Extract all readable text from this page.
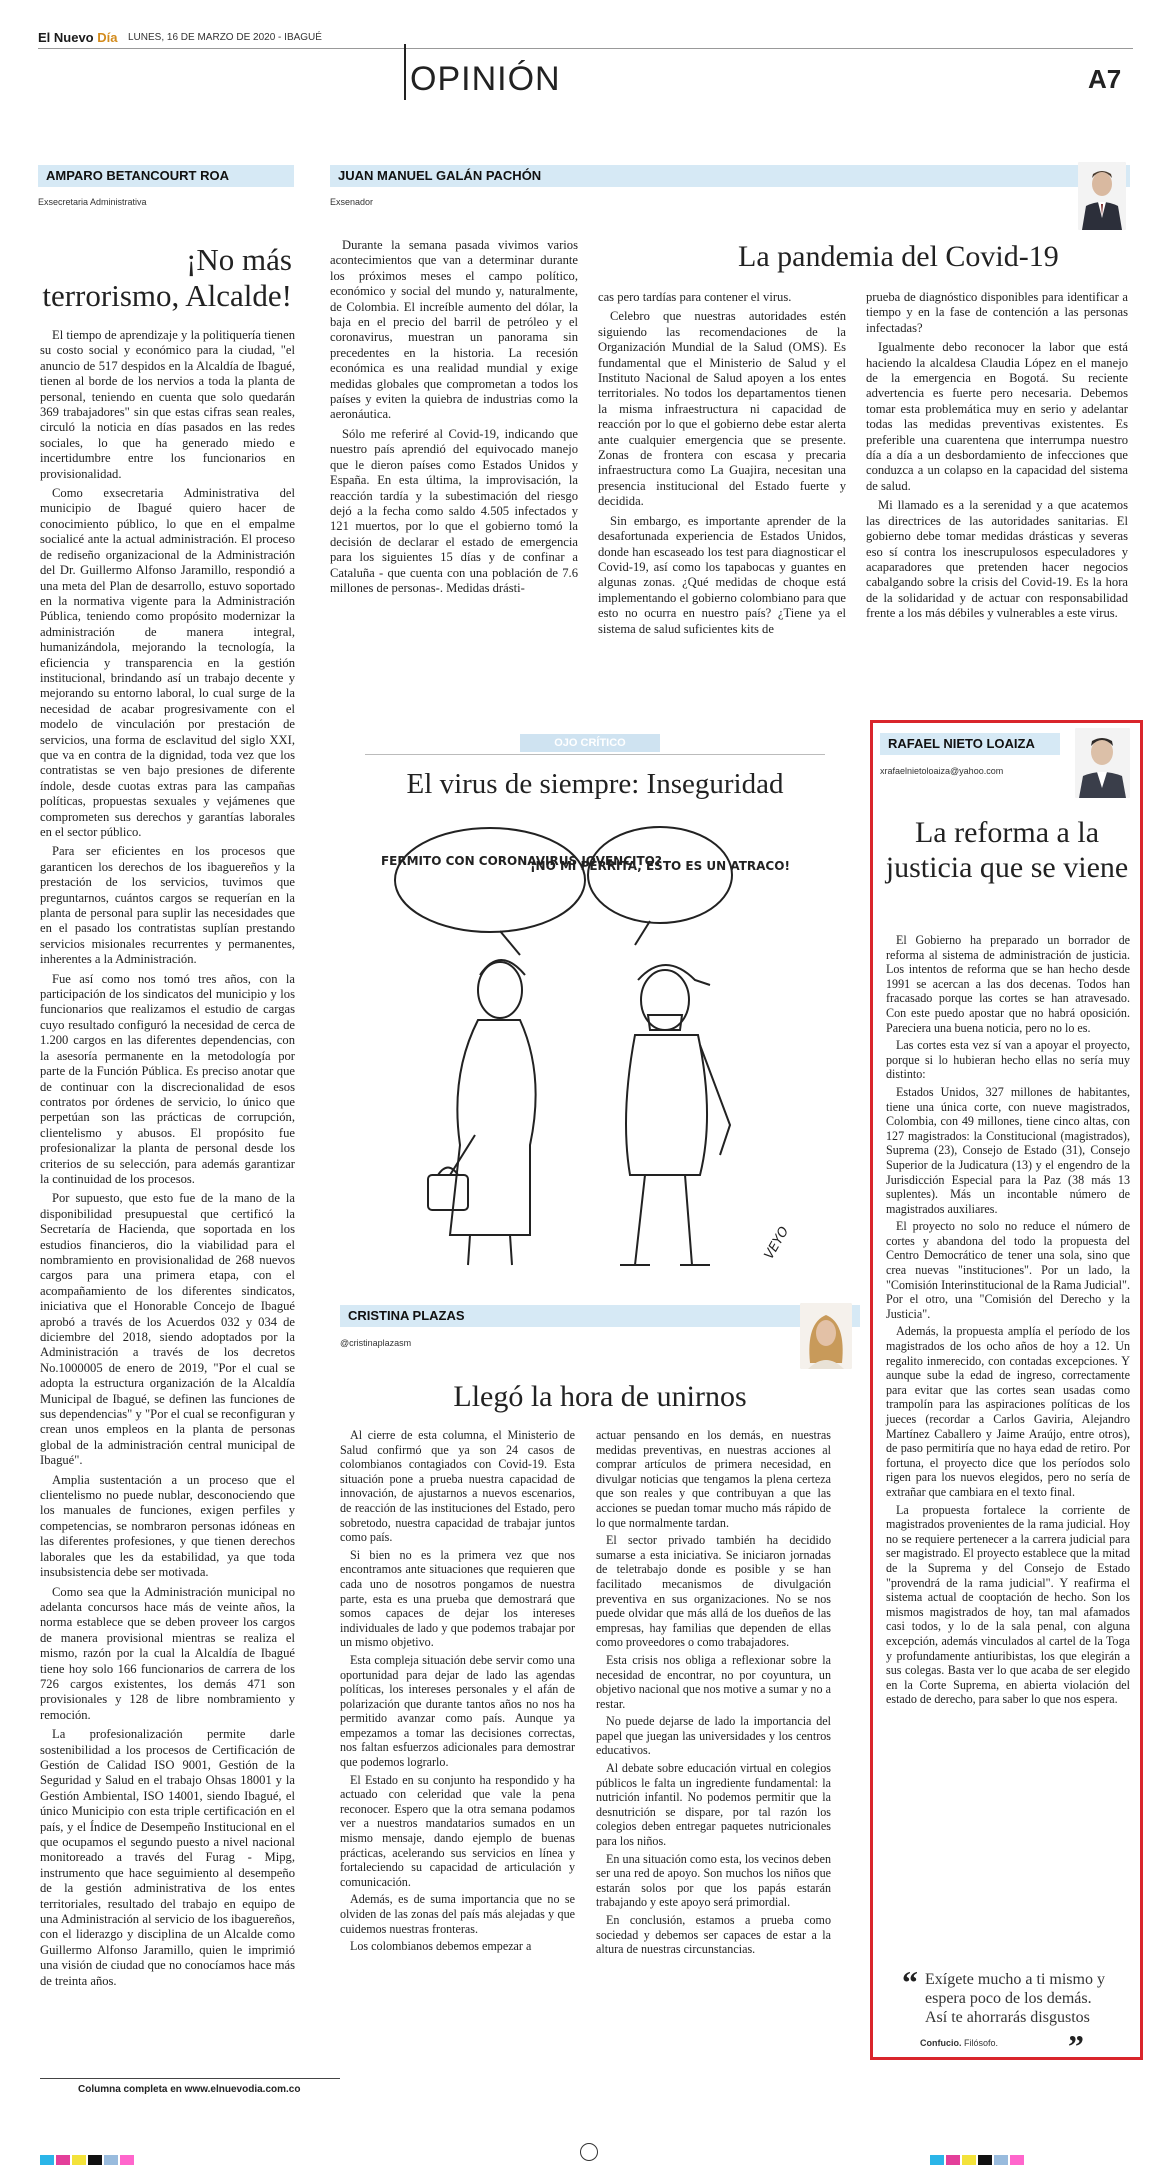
El Nuevo Día LUNES, 16 DE MARZO DE 2020 - IBAGUÉ
OPINIÓN	A7
AMPARO BETANCOURT ROA
Exsecretaria Administrativa
¡No más terrorismo, Alcalde!

El tiempo de aprendizaje y la politiquería tienen su costo social y económico para la ciudad, "el anuncio de 517 despidos en la Alcaldía de Ibagué, tienen al borde de los nervios a toda la planta de personal, teniendo en cuenta que solo quedarán 369 trabajadores" sin que estas cifras sean reales, circuló la noticia en días pasados en las redes sociales, lo que ha generado miedo e incertidumbre entre los funcionarios en provisionalidad.

Como exsecretaria Administrativa del municipio de Ibagué quiero hacer de conocimiento público, lo que en el empalme socialicé ante la actual administración. El proceso de rediseño organizacional de la Administración del Dr. Guillermo Alfonso Jaramillo, respondió a una meta del Plan de desarrollo, estuvo soportado en la normativa vigente para la Administración Pública, teniendo como propósito modernizar la administración de manera integral, humanizándola, mejorando la tecnología, la eficiencia y transparencia en la gestión institucional, brindando así un trabajo decente y mejorando su entorno laboral, lo cual surge de la necesidad de acabar progresivamente con el modelo de vinculación por prestación de servicios, una forma de esclavitud del siglo XXI, que va en contra de la dignidad, toda vez que los contratistas se ven bajo presiones de diferente índole, desde cuotas extras para las campañas políticas, propuestas sexuales y vejámenes que comprometen sus derechos y garantías laborales en el sector público.

Para ser eficientes en los procesos que garanticen los derechos de los ibaguereños y la prestación de los servicios, tuvimos que preguntarnos, cuántos cargos se requerían en la planta de personal para suplir las necesidades que en el pasado los contratistas suplían prestando servicios misionales recurrentes y permanentes, inherentes a la Administración.

Fue así como nos tomó tres años, con la participación de los sindicatos del municipio y los funcionarios que realizamos el estudio de cargas cuyo resultado configuró la necesidad de cerca de 1.200 cargos en las diferentes dependencias, con la asesoría permanente en la metodología por parte de la Función Pública. Es preciso anotar que de continuar con la discrecionalidad de esos contratos por órdenes de servicio, lo único que perpetúan son las prácticas de corrupción, clientelismo y abusos. El propósito fue profesionalizar la planta de personal desde los criterios de su selección, para además garantizar la continuidad de los procesos.

Por supuesto, que esto fue de la mano de la disponibilidad presupuestal que certificó la Secretaría de Hacienda, que soportada en los estudios financieros, dio la viabilidad para el nombramiento en provisionalidad de 268 nuevos cargos para una primera etapa, con el acompañamiento de los diferentes sindicatos, iniciativa que el Honorable Concejo de Ibagué aprobó a través de los Acuerdos 032 y 034 de diciembre del 2018, siendo adoptados por la Administración a través de los decretos No.1000005 de enero de 2019, "Por el cual se adopta la estructura organización de la Alcaldía Municipal de Ibagué, se definen las funciones de sus dependencias" y "Por el cual se reconfiguran y crean unos empleos en la planta de personas global de la administración central municipal de Ibagué".

Amplia sustentación a un proceso que el clientelismo no puede nublar, desconociendo que los manuales de funciones, exigen perfiles y competencias, se nombraron personas idóneas en las diferentes profesiones, y que tienen derechos laborales que les da estabilidad, ya que toda insubsistencia debe ser motivada.

Como sea que la Administración municipal no adelanta concursos hace más de veinte años, la norma establece que se deben proveer los cargos de manera provisional mientras se realiza el mismo, razón por la cual la Alcaldía de Ibagué tiene hoy solo 166 funcionarios de carrera de los 726 cargos existentes, los demás 471 son provisionales y 128 de libre nombramiento y remoción.

La profesionalización permite darle sostenibilidad a los procesos de Certificación de Gestión de Calidad ISO 9001, Gestión de la Seguridad y Salud en el trabajo Ohsas 18001 y la Gestión Ambiental, ISO 14001, siendo Ibagué, el único Municipio con esta triple certificación en el país, y el Índice de Desempeño Institucional en el que ocupamos el segundo puesto a nivel nacional monitoreado a través del Furag - Mipg, instrumento que hace seguimiento al desempeño de la gestión administrativa de los entes territoriales, resultado del trabajo en equipo de una Administración al servicio de los ibaguereños, con el liderazgo y disciplina de un Alcalde como Guillermo Alfonso Jaramillo, quien le imprimió una visión de ciudad que no conocíamos hace más de treinta años.

Columna completa en www.elnuevodia.com.co
JUAN MANUEL GALÁN PACHÓN
Exsenador
La pandemia del Covid-19

Durante la semana pasada vivimos varios acontecimientos que van a determinar durante los próximos meses el campo político, económico y social del mundo y, naturalmente, de Colombia. El increíble aumento del dólar, la baja en el precio del barril de petróleo y el coronavirus, muestran un panorama sin precedentes en la historia. La recesión económica es una realidad mundial y exige medidas globales que comprometan a todos los países y eviten la quiebra de industrias como la aeronáutica.

Sólo me referiré al Covid-19, indicando que nuestro país aprendió del equivocado manejo que le dieron países como Estados Unidos y España. En esta última, la improvisación, la reacción tardía y la subestimación del riesgo dejó a la fecha como saldo 4.505 infectados y 121 muertos, por lo que el gobierno tomó la decisión de declarar el estado de emergencia para los siguientes 15 días y de confinar a Cataluña - que cuenta con una población de 7.6 millones de personas-. Medidas drásti-

cas pero tardías para contener el virus.

Celebro que nuestras autoridades estén siguiendo las recomendaciones de la Organización Mundial de la Salud (OMS). Es fundamental que el Ministerio de Salud y el Instituto Nacional de Salud apoyen a los entes territoriales. No todos los departamentos tienen la misma infraestructura ni capacidad de reacción por lo que el gobierno debe estar alerta ante cualquier emergencia que se presente. Zonas de frontera con escasa y precaria infraestructura como La Guajira, necesitan una presencia institucional del Estado fuerte y decidida.

Sin embargo, es importante aprender de la desafortunada experiencia de Estados Unidos, donde han escaseado los test para diagnosticar el Covid-19, así como los tapabocas y guantes en algunas zonas. ¿Qué medidas de choque está implementando el gobierno colombiano para que esto no ocurra en nuestro país? ¿Tiene ya el sistema de salud suficientes kits de

prueba de diagnóstico disponibles para identificar a tiempo y en la fase de contención a las personas infectadas?

Igualmente debo reconocer la labor que está haciendo la alcaldesa Claudia López en el manejo de la emergencia en Bogotá. Su reciente advertencia es fuerte pero necesaria. Debemos tomar esta problemática muy en serio y adelantar todas las medidas preventivas existentes. Es preferible una cuarentena que interrumpa nuestro día a día a un desbordamiento de infecciones que conduzca a un colapso en la capacidad del sistema de salud.

Mi llamado es a la serenidad y a que acatemos las directrices de las autoridades sanitarias. El gobierno debe tomar medidas drásticas y severas eso sí contra los inescrupulosos especuladores y acaparadores que pretenden hacer negocios cabalgando sobre la crisis del Covid-19. Es la hora de la solidaridad y de actuar con responsabilidad frente a los más débiles y vulnerables a este virus.

OJO CRÍTICO
El virus de siempre: Inseguridad
FERMITO CON CORONAVIRUS JOVENCITO?
¡NO MI PERRITA, ESTO ES UN ATRACO!
VEYO
CRISTINA PLAZAS
@cristinaplazasm
Llegó la hora de unirnos

Al cierre de esta columna, el Ministerio de Salud confirmó que ya son 24 casos de colombianos contagiados con Covid-19. Esta situación pone a prueba nuestra capacidad de innovación, de ajustarnos a nuevos escenarios, de reacción de las instituciones del Estado, pero sobretodo, nuestra capacidad de trabajar juntos como país.

Si bien no es la primera vez que nos encontramos ante situaciones que requieren que cada uno de nosotros pongamos de nuestra parte, esta es una prueba que demostrará que somos capaces de dejar los intereses individuales de lado y que podemos trabajar por un mismo objetivo.

Esta compleja situación debe servir como una oportunidad para dejar de lado las agendas políticas, los intereses personales y el afán de polarización que durante tantos años no nos ha permitido avanzar como país. Aunque ya empezamos a tomar las decisiones correctas, nos faltan esfuerzos adicionales para demostrar que podemos lograrlo.

El Estado en su conjunto ha respondido y ha actuado con celeridad que vale la pena reconocer. Espero que la otra semana podamos ver a nuestros mandatarios sumados en un mismo mensaje, dando ejemplo de buenas prácticas, acelerando sus servicios en línea y fortaleciendo su capacidad de articulación y comunicación.

Además, es de suma importancia que no se olviden de las zonas del país más alejadas y que cuidemos nuestras fronteras.

Los colombianos debemos empezar a

actuar pensando en los demás, en nuestras medidas preventivas, en nuestras acciones al comprar artículos de primera necesidad, en divulgar noticias que tengamos la plena certeza que son reales y que contribuyan a que las acciones se puedan tomar mucho más rápido de lo que normalmente tardan.

El sector privado también ha decidido sumarse a esta iniciativa. Se iniciaron jornadas de teletrabajo donde es posible y se han facilitado mecanismos de divulgación preventiva en sus organizaciones. No se nos puede olvidar que más allá de los dueños de las empresas, hay familias que dependen de ellas como proveedores o como trabajadores.

Esta crisis nos obliga a reflexionar sobre la necesidad de encontrar, no por coyuntura, un objetivo nacional que nos motive a sumar y no a restar.

No puede dejarse de lado la importancia del papel que juegan las universidades y los centros educativos.

Al debate sobre educación virtual en colegios públicos le falta un ingrediente fundamental: la nutrición infantil. No podemos permitir que la desnutrición se dispare, por tal razón los colegios deben entregar paquetes nutricionales para los niños.

En una situación como esta, los vecinos deben ser una red de apoyo. Son muchos los niños que estarán solos por que los papás estarán trabajando y este apoyo será primordial.

En conclusión, estamos a prueba como sociedad y debemos ser capaces de estar a la altura de nuestras circunstancias.

RAFAEL NIETO LOAIZA
xrafaelnietoloaiza@yahoo.com
La reforma a la justicia que se viene

El Gobierno ha preparado un borrador de reforma al sistema de administración de justicia. Los intentos de reforma que se han hecho desde 1991 se acercan a las dos decenas. Todos han fracasado porque las cortes se han atravesado. Con este puedo apostar que no habrá oposición. Pareciera una buena noticia, pero no lo es.

Las cortes esta vez sí van a apoyar el proyecto, porque si lo hubieran hecho ellas no sería muy distinto:

Estados Unidos, 327 millones de habitantes, tiene una única corte, con nueve magistrados, Colombia, con 49 millones, tiene cinco altas, con 127 magistrados: la Constitucional (magistrados), Suprema (23), Consejo de Estado (31), Consejo Superior de la Judicatura (13) y el engendro de la Jurisdicción Especial para la Paz (38 más 13 suplentes). Más un incontable número de magistrados auxiliares.

El proyecto no solo no reduce el número de cortes y abandona del todo la propuesta del Centro Democrático de tener una sola, sino que crea nuevas "instituciones". Por un lado, la "Comisión Interinstitucional de la Rama Judicial". Por el otro, una "Comisión del Derecho y la Justicia".

Además, la propuesta amplía el período de los magistrados de los ocho años de hoy a 12. Un regalito inmerecido, con contadas excepciones. Y aunque sube la edad de ingreso, correctamente para evitar que las cortes sean usadas como trampolín para las aspiraciones políticas de los jueces (recordar a Carlos Gaviria, Alejandro Martínez Caballero y Jaime Araújo, entre otros), de paso permitiría que no haya edad de retiro. Por fortuna, el proyecto dice que los períodos solo rigen para los nuevos elegidos, pero no sería de extrañar que cambiara en el texto final.

La propuesta fortalece la corriente de magistrados provenientes de la rama judicial. Hoy no se requiere pertenecer a la carrera judicial para ser magistrado. El proyecto establece que la mitad de la Suprema y del Consejo de Estado "provendrá de la rama judicial". Y reafirma el sistema actual de cooptación de hecho. Son los mismos magistrados de hoy, tan mal afamados casi todos, y lo de la sala penal, con alguna excepción, además vinculados al cartel de la Toga y profundamente antiuribistas, los que elegirán a sus colegas. Basta ver lo que acaba de ser elegido en la Corte Suprema, en abierta violación del estado de derecho, para saber lo que nos espera.

“ Exígete mucho a ti mismo y espera poco de los demás. Así te ahorrarás disgustos
Confucio. Filósofo. ”
